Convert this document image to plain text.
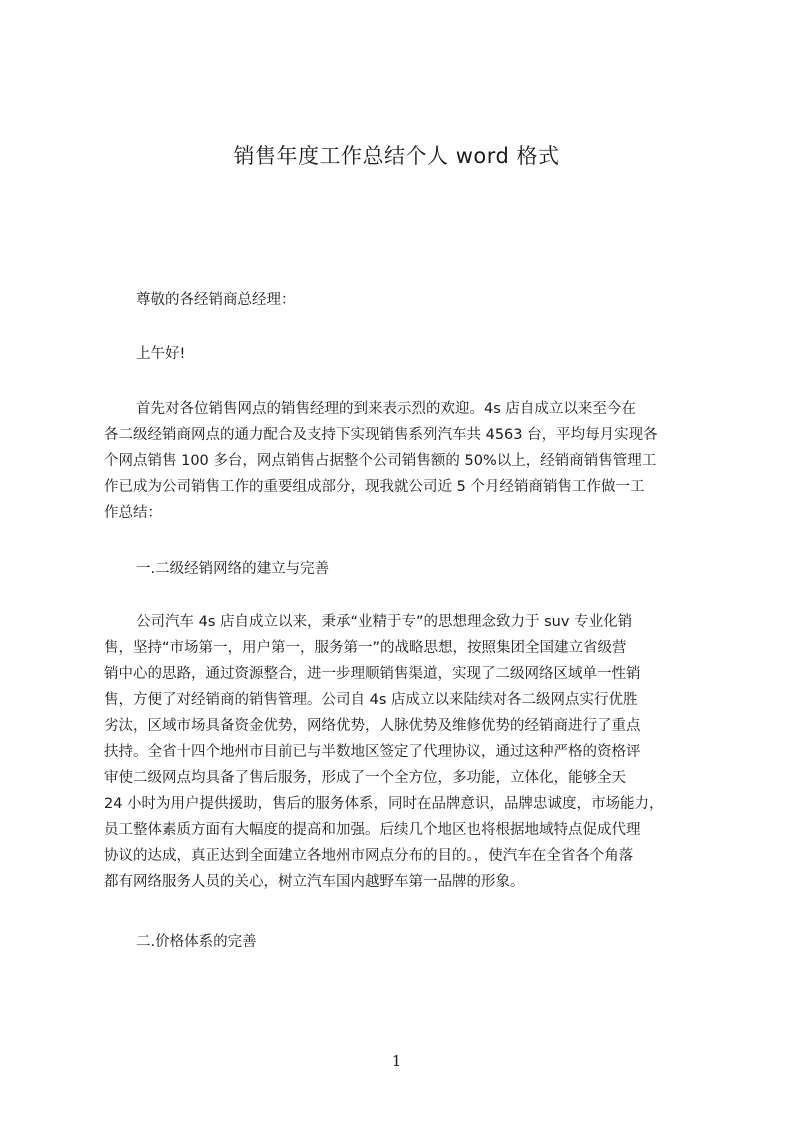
销售年度工作总结个人 word 格式
尊敬的各经销商总经理：
上午好!
首先对各位销售网点的销售经理的到来表示烈的欢迎。4s 店自成立以来至今在
各二级经销商网点的通力配合及支持下实现销售系列汽车共 4563 台，平均每月实现各
个网点销售 100 多台，网点销售占据整个公司销售额的 50%以上，经销商销售管理工
作已成为公司销售工作的重要组成部分，现我就公司近 5 个月经销商销售工作做一工
作总结：
一.二级经销网络的建立与完善
公司汽车 4s 店自成立以来，秉承“业精于专”的思想理念致力于 suv 专业化销
售，坚持“市场第一，用户第一，服务第一”的战略思想，按照集团全国建立省级营
销中心的思路，通过资源整合，进一步理顺销售渠道，实现了二级网络区域单一性销
售，方便了对经销商的销售管理。公司自 4s 店成立以来陆续对各二级网点实行优胜
劣汰，区域市场具备资金优势，网络优势，人脉优势及维修优势的经销商进行了重点
扶持。全省十四个地州市目前已与半数地区签定了代理协议，通过这种严格的资格评
审使二级网点均具备了售后服务，形成了一个全方位，多功能，立体化，能够全天
24 小时为用户提供援助，售后的服务体系，同时在品牌意识，品牌忠诚度，市场能力，
员工整体素质方面有大幅度的提高和加强。后续几个地区也将根据地域特点促成代理
协议的达成，真正达到全面建立各地州市网点分布的目的。，使汽车在全省各个角落
都有网络服务人员的关心，树立汽车国内越野车第一品牌的形象。
二.价格体系的完善
1
